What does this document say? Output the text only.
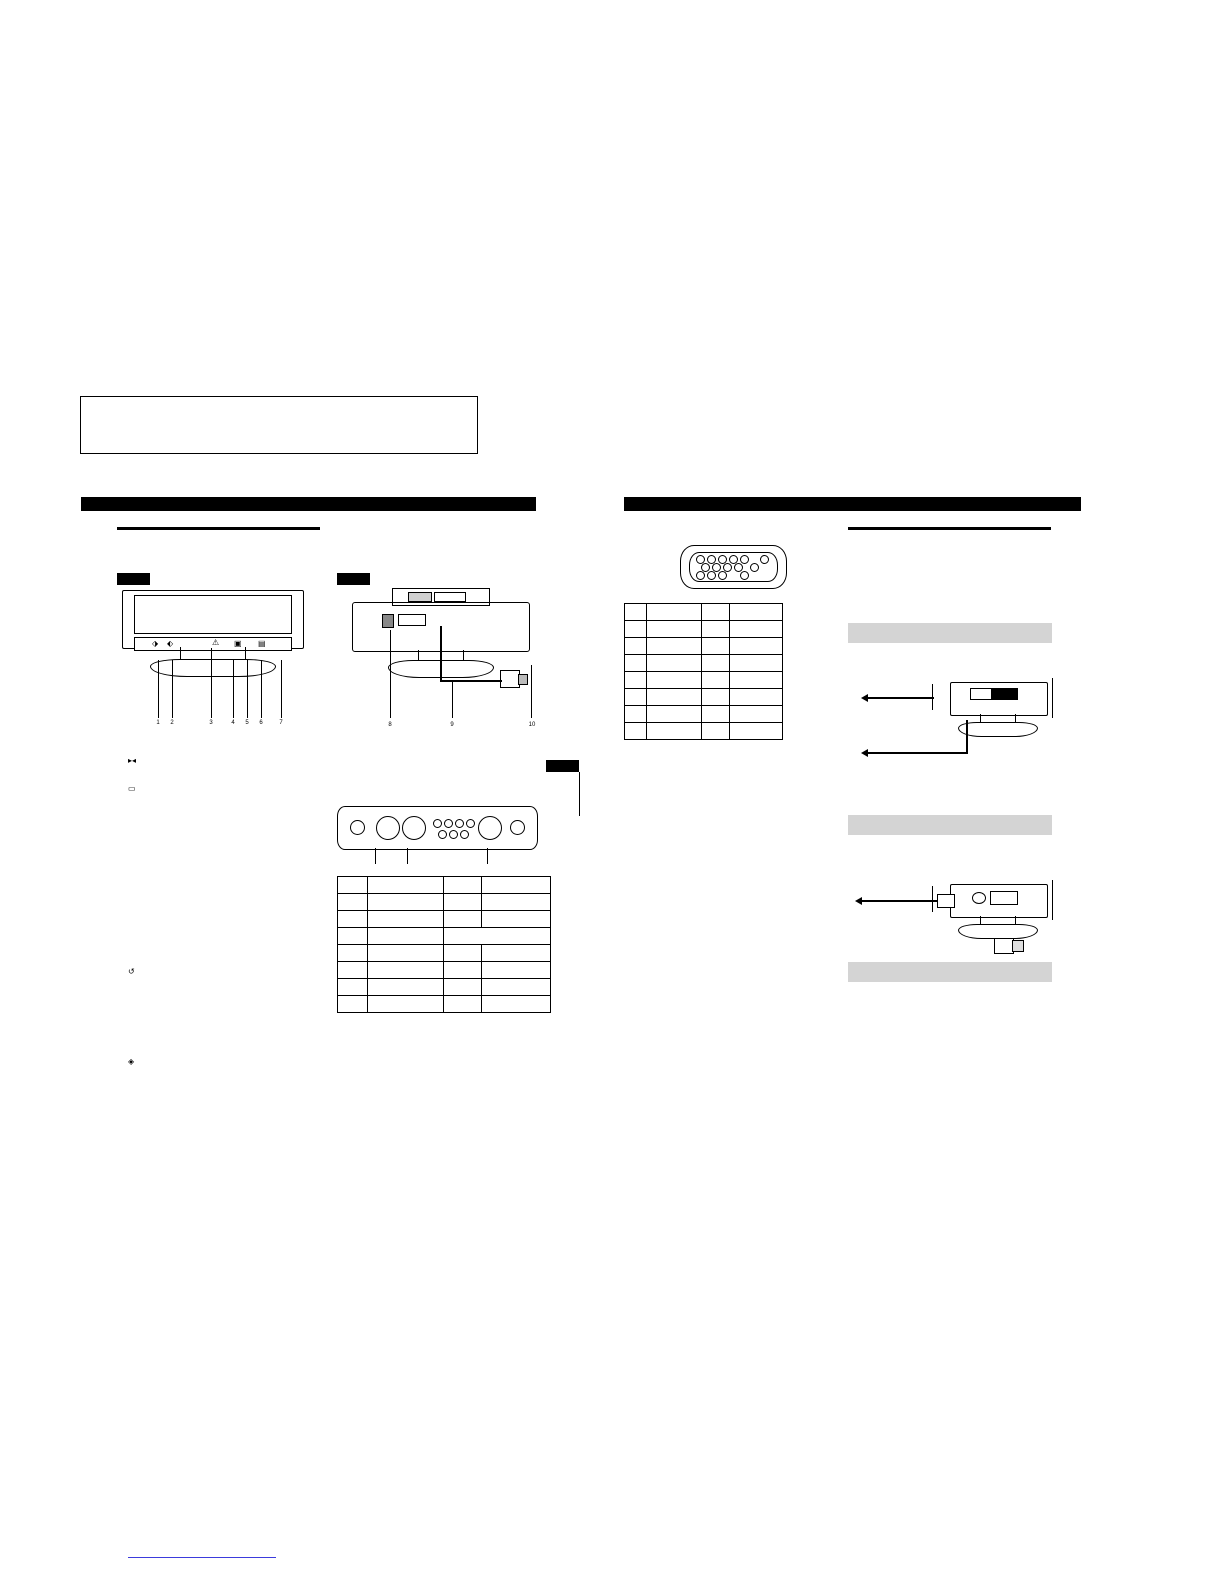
⬗ ⬖	⚠ ▣ ▤
1	2	3	4	5	6	7	8	9	10
▸◂
▭
↺
◈
